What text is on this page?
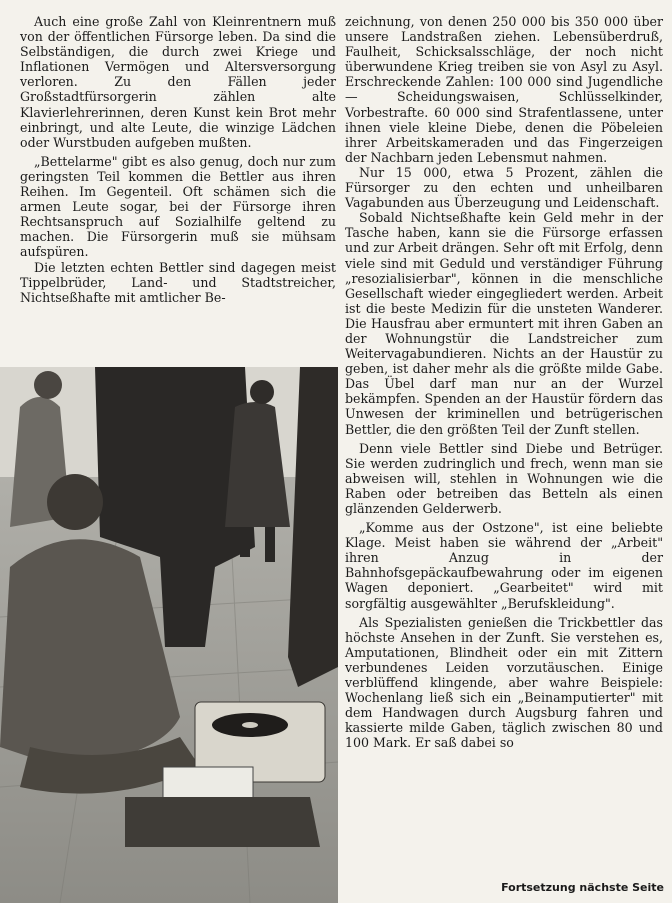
Auch eine große Zahl von Kleinrentnern muß von der öffentlichen Fürsorge leben. Da sind die Selbständigen, die durch zwei Kriege und Inflationen Vermögen und Altersversorgung verloren. Zu den Fällen jeder Großstadtfürsorgerin zählen alte Klavierlehrerinnen, deren Kunst kein Brot mehr einbringt, und alte Leute, die winzige Lädchen oder Wurstbuden aufgeben mußten.

„Bettelarme" gibt es also genug, doch nur zum geringsten Teil kommen die Bettler aus ihren Reihen. Im Gegenteil. Oft schämen sich die armen Leute sogar, bei der Fürsorge ihren Rechtsanspruch auf Sozialhilfe geltend zu machen. Die Fürsorgerin muß sie mühsam aufspüren.

Die letzten echten Bettler sind dagegen meist Tippelbrüder, Land- und Stadtstreicher, Nichtseßhafte mit amtlicher Be-

zeichnung, von denen 250 000 bis 350 000 über unsere Landstraßen ziehen. Lebensüberdruß, Faulheit, Schicksalsschläge, der noch nicht überwundene Krieg treiben sie von Asyl zu Asyl. Erschreckende Zahlen: 100 000 sind Jugendliche — Scheidungswaisen, Schlüsselkinder, Vorbestrafte. 60 000 sind Strafentlassene, unter ihnen viele kleine Diebe, denen die Pöbeleien ihrer Arbeitskameraden und das Fingerzeigen der Nachbarn jeden Lebensmut nahmen.

Nur 15 000, etwa 5 Prozent, zählen die Fürsorger zu den echten und unheilbaren Vagabunden aus Überzeugung und Leidenschaft.

Sobald Nichtseßhafte kein Geld mehr in der Tasche haben, kann sie die Fürsorge erfassen und zur Arbeit drängen. Sehr oft mit Erfolg, denn viele sind mit Geduld und verständiger Führung „resozialisierbar", können in die menschliche Gesellschaft wieder eingegliedert werden. Arbeit ist die beste Medizin für die unsteten Wanderer. Die Hausfrau aber ermuntert mit ihren Gaben an der Wohnungstür die Landstreicher zum Weitervagabundieren. Nichts an der Haustür zu geben, ist daher mehr als die größte milde Gabe. Das Übel darf man nur an der Wurzel bekämpfen. Spenden an der Haustür fördern das Unwesen der kriminellen und betrügerischen Bettler, die den größten Teil der Zunft stellen.

Denn viele Bettler sind Diebe und Betrüger. Sie werden zudringlich und frech, wenn man sie abweisen will, stehlen in Wohnungen wie die Raben oder betreiben das Betteln als einen glänzenden Gelderwerb.

„Komme aus der Ostzone", ist eine beliebte Klage. Meist haben sie während der „Arbeit" ihren Anzug in der Bahnhofsgepäckaufbewahrung oder im eigenen Wagen deponiert. „Gearbeitet" wird mit sorgfältig ausgewählter „Berufskleidung".

Als Spezialisten genießen die Trickbettler das höchste Ansehen in der Zunft. Sie verstehen es, Amputationen, Blindheit oder ein mit Zittern verbundenes Leiden vorzutäuschen. Einige verblüffend klingende, aber wahre Beispiele: Wochenlang ließ sich ein „Beinamputierter" mit dem Handwagen durch Augsburg fahren und kassierte milde Gaben, täglich zwischen 80 und 100 Mark. Er saß dabei so

Fortsetzung nächste Seite
